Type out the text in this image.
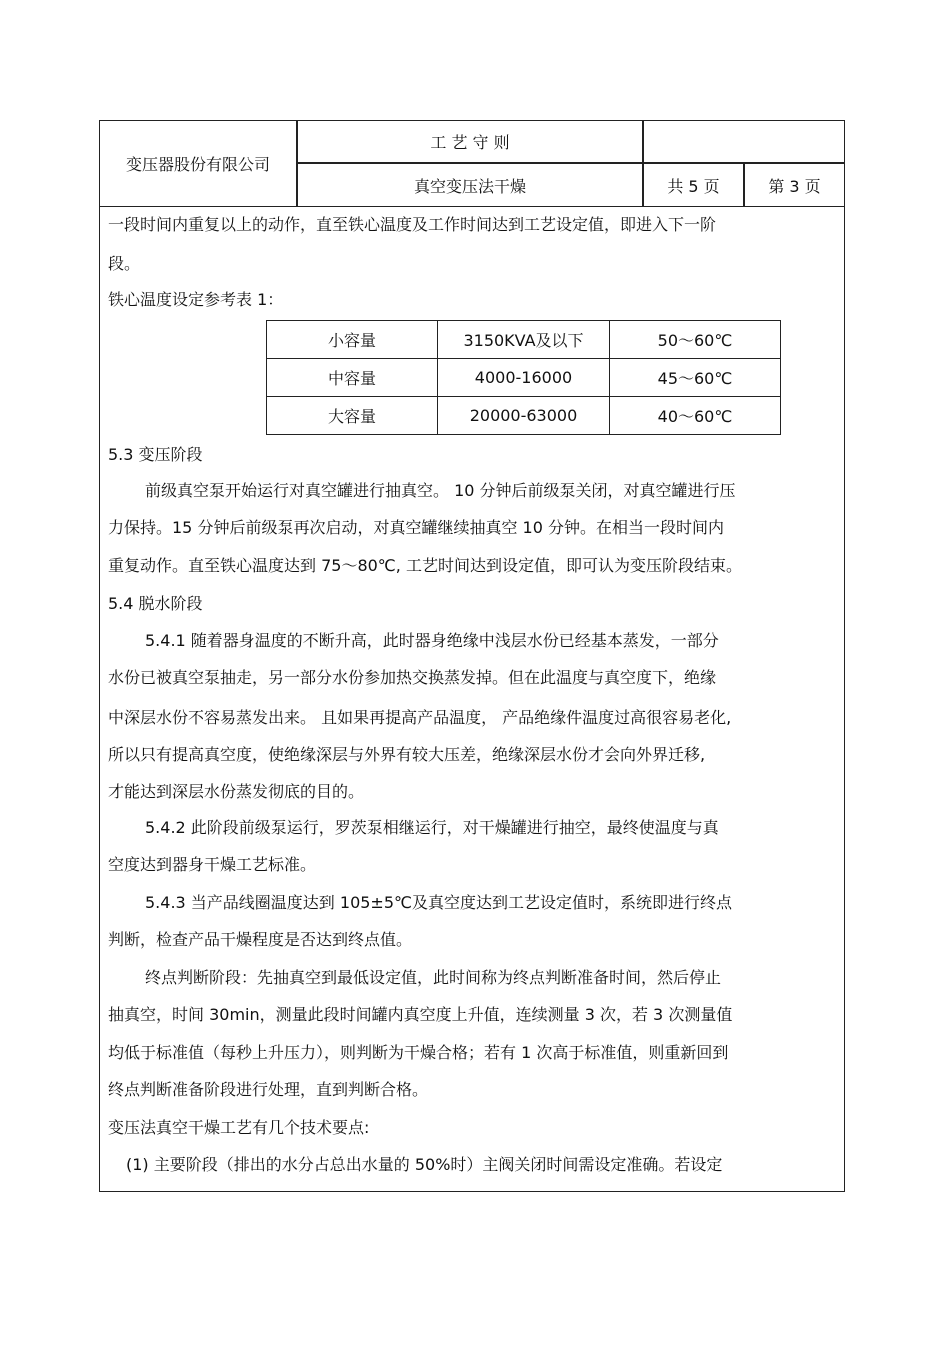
变压器股份有限公司
工 艺 守 则
真空变压法干燥	共 5 页	第 3 页
一段时间内重复以上的动作，直至铁心温度及工作时间达到工艺设定值，即进入下一阶
段。
铁心温度设定参考表 1：
小容量	3150KVA及以下	50～60℃
中容量	4000-16000	45～60℃
大容量	20000-63000	40～60℃
5.3 变压阶段
前级真空泵开始运行对真空罐进行抽真空。 10 分钟后前级泵关闭，对真空罐进行压
力保持。15 分钟后前级泵再次启动，对真空罐继续抽真空 10 分钟。在相当一段时间内
重复动作。直至铁心温度达到 75～80℃, 工艺时间达到设定值，即可认为变压阶段结束。
5.4 脱水阶段
5.4.1 随着器身温度的不断升高，此时器身绝缘中浅层水份已经基本蒸发，一部分
水份已被真空泵抽走，另一部分水份参加热交换蒸发掉。但在此温度与真空度下，绝缘
中深层水份不容易蒸发出来。 且如果再提高产品温度， 产品绝缘件温度过高很容易老化,
所以只有提高真空度，使绝缘深层与外界有较大压差，绝缘深层水份才会向外界迁移,
才能达到深层水份蒸发彻底的目的。
5.4.2 此阶段前级泵运行，罗茨泵相继运行，对干燥罐进行抽空，最终使温度与真
空度达到器身干燥工艺标准。
5.4.3 当产品线圈温度达到 105±5℃及真空度达到工艺设定值时，系统即进行终点
判断，检查产品干燥程度是否达到终点值。
终点判断阶段：先抽真空到最低设定值，此时间称为终点判断准备时间，然后停止
抽真空，时间 30min，测量此段时间罐内真空度上升值，连续测量 3 次，若 3 次测量值
均低于标准值（每秒上升压力），则判断为干燥合格；若有 1 次高于标准值，则重新回到
终点判断准备阶段进行处理，直到判断合格。
变压法真空干燥工艺有几个技术要点:
(1) 主要阶段（排出的水分占总出水量的 50%时）主阀关闭时间需设定准确。若设定
